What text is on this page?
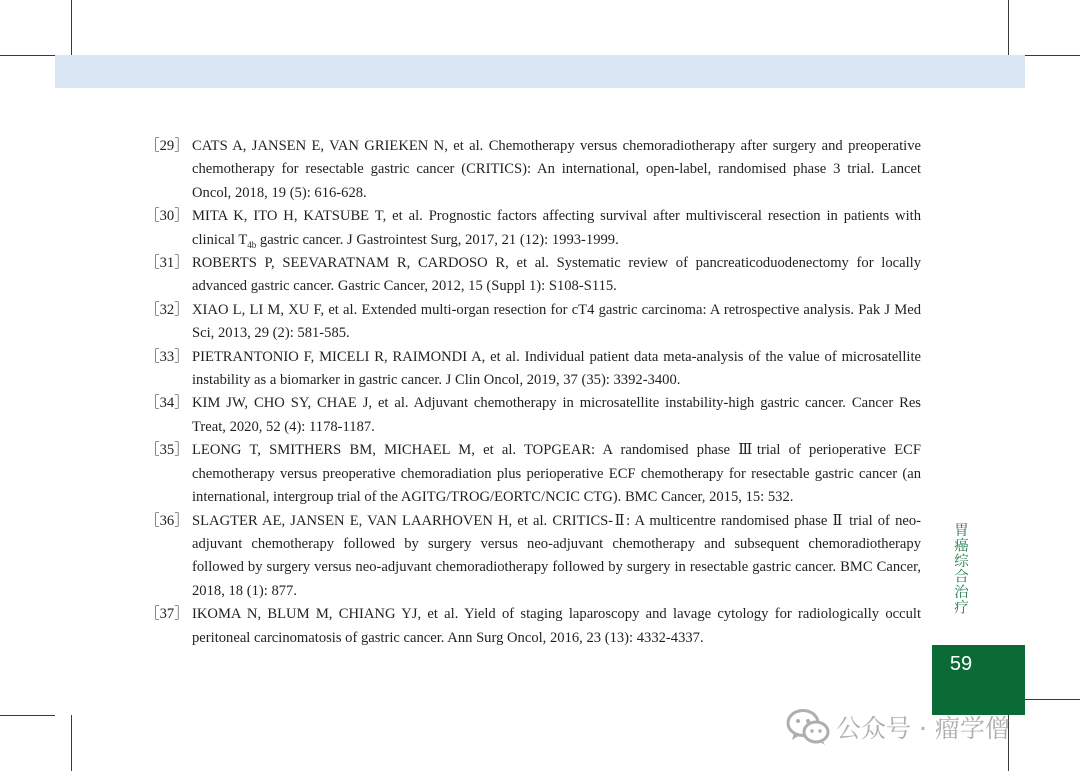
［29］ CATS A, JANSEN E, VAN GRIEKEN N, et al. Chemotherapy versus chemoradiotherapy after surgery and preoperative chemotherapy for resectable gastric cancer (CRITICS): An international, open-label, randomised phase 3 trial. Lancet Oncol, 2018, 19 (5): 616-628.
［30］ MITA K, ITO H, KATSUBE T, et al. Prognostic factors affecting survival after multivisceral resection in patients with clinical $T_{4b}$ gastric cancer. J Gastrointest Surg, 2017, 21 (12): 1993-1999.
［31］ ROBERTS P, SEEVARATNAM R, CARDOSO R, et al. Systematic review of pancreaticoduodenectomy for locally advanced gastric cancer. Gastric Cancer, 2012, 15 (Suppl 1): S108-S115.
［32］ XIAO L, LI M, XU F, et al. Extended multi-organ resection for cT4 gastric carcinoma: A retrospective analysis. Pak J Med Sci, 2013, 29 (2): 581-585.
［33］ PIETRANTONIO F, MICELI R, RAIMONDI A, et al. Individual patient data meta-analysis of the value of microsatellite instability as a biomarker in gastric cancer. J Clin Oncol, 2019, 37 (35): 3392-3400.
［34］ KIM JW, CHO SY, CHAE J, et al. Adjuvant chemotherapy in microsatellite instability-high gastric cancer. Cancer Res Treat, 2020, 52 (4): 1178-1187.
［35］ LEONG T, SMITHERS BM, MICHAEL M, et al. TOPGEAR: A randomised phase Ⅲtrial of perioperative ECF chemotherapy versus preoperative chemoradiation plus perioperative ECF chemotherapy for resectable gastric cancer (an international, intergroup trial of the AGITG/TROG/EORTC/NCIC CTG). BMC Cancer, 2015, 15: 532.
［36］ SLAGTER AE, JANSEN E, VAN LAARHOVEN H, et al. CRITICS-Ⅱ: A multicentre randomised phase Ⅱ trial of neo-adjuvant chemotherapy followed by surgery versus neo-adjuvant chemotherapy and subsequent chemoradiotherapy followed by surgery versus neo-adjuvant chemoradiotherapy followed by surgery in resectable gastric cancer. BMC Cancer, 2018, 18 (1): 877.
［37］ IKOMA N, BLUM M, CHIANG YJ, et al. Yield of staging laparoscopy and lavage cytology for radiologically occult peritoneal carcinomatosis of gastric cancer. Ann Surg Oncol, 2016, 23 (13): 4332-4337.
胃癌综合治疗
59
公众号 · 瘤学僧
